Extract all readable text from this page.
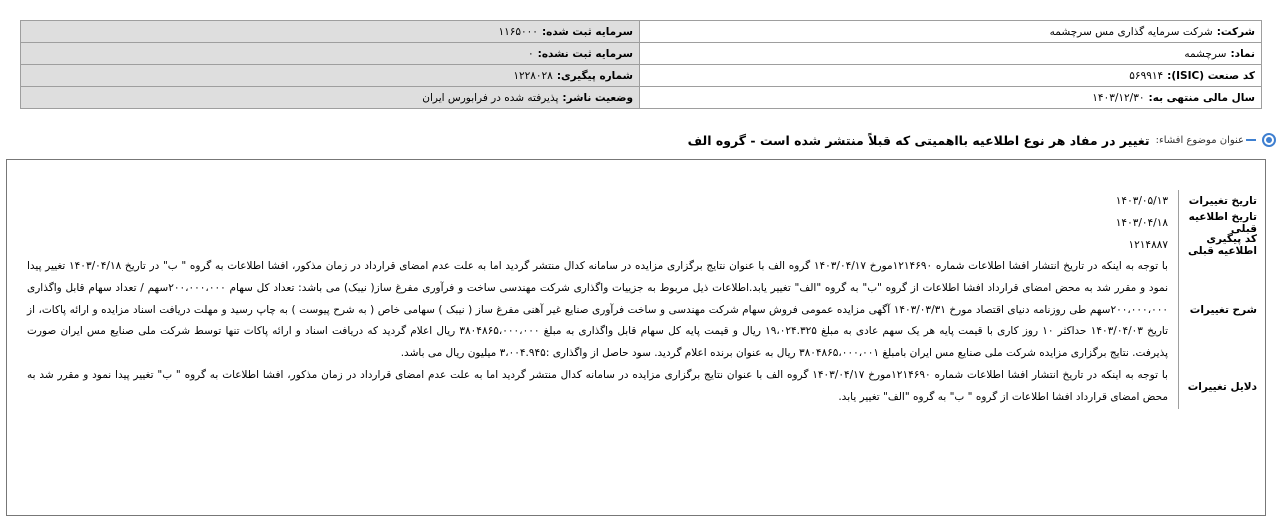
شرکت:شرکت سرمایه گذاری مس سرچشمه	سرمایه ثبت شده:۱۱۶۵۰۰۰
نماد:سرچشمه	سرمایه ثبت نشده:۰
کد صنعت (ISIC):۵۶۹۹۱۴	شماره پیگیری:۱۲۲۸۰۲۸
سال مالی منتهی به:۱۴۰۳/۱۲/۳۰	وضعیت ناشر:پذیرفته شده در فرابورس ایران
عنوان موضوع افشاء:
تغییر در مفاد هر نوع اطلاعیه بااهمیتی که قبلاً منتشر شده است - گروه الف
تاریخ تغییرات
۱۴۰۳/۰۵/۱۳
تاریخ اطلاعیه قبلی
۱۴۰۳/۰۴/۱۸
کد پیگیری اطلاعیه قبلی
۱۲۱۴۸۸۷
شرح تغییرات
با توجه به اینکه در تاریخ انتشار افشا اطلاعات شماره ۱۲۱۴۶۹۰مورخ ۱۴۰۳/۰۴/۱۷ گروه الف با عنوان نتایج برگزاری مزایده در سامانه کدال منتشر گردید اما به علت عدم امضای قرارداد در زمان مذکور، افشا اطلاعات به گروه " ب" در تاریخ ۱۴۰۳/۰۴/۱۸ تغییر پیدا نمود و مقرر شد به محض امضای قرارداد افشا اطلاعات از گروه "ب" به گروه "الف" تغییر یابد.اطلاعات ذیل مربوط به جزییات واگذاری شرکت مهندسی ساخت و فرآوری مفرغ ساز( نیبک) می باشد: تعداد کل سهام ۲۰۰،۰۰۰،۰۰۰سهم / تعداد سهام قابل واگذاری ۲۰۰،۰۰۰،۰۰۰سهم طی روزنامه دنیای اقتصاد مورخ ۱۴۰۳/۰۳/۳۱ آگهی مزایده عمومی فروش سهام شرکت مهندسی و ساخت فرآوری صنایع غیر آهنی مفرغ ساز ( نیبک ) سهامی خاص ( به شرح پیوست ) به چاپ رسید و مهلت دریافت اسناد مزایده و ارائه پاکات، از تاریخ ۱۴۰۳/۰۴/۰۳ حداکثر ۱۰ روز کاری با قیمت پایه هر یک سهم عادی به مبلغ ۱۹،۰۲۴.۳۲۵ ریال و قیمت پایه کل سهام قابل واگذاری به مبلغ ۳۸۰۴۸۶۵،۰۰۰،۰۰۰ ریال اعلام گردید که دریافت اسناد و ارائه پاکات تنها توسط شرکت ملی صنایع مس ایران صورت پذیرفت. نتایج برگزاری مزایده شرکت ملی صنایع مس ایران بامبلغ ۳۸۰۴۸۶۵،۰۰۰،۰۰۱ ریال به عنوان برنده اعلام گردید. سود حاصل از واگذاری :۳،۰۰۴.۹۴۵ میلیون ریال می باشد.
دلایل تغییرات
با توجه به اینکه در تاریخ انتشار افشا اطلاعات شماره ۱۲۱۴۶۹۰مورخ ۱۴۰۳/۰۴/۱۷ گروه الف با عنوان نتایج برگزاری مزایده در سامانه کدال منتشر گردید اما به علت عدم امضای قرارداد در زمان مذکور، افشا اطلاعات به گروه " ب" تغییر پیدا نمود و مقرر شد به محض امضای قرارداد افشا اطلاعات از گروه " ب" به گروه "الف" تغییر یابد.
